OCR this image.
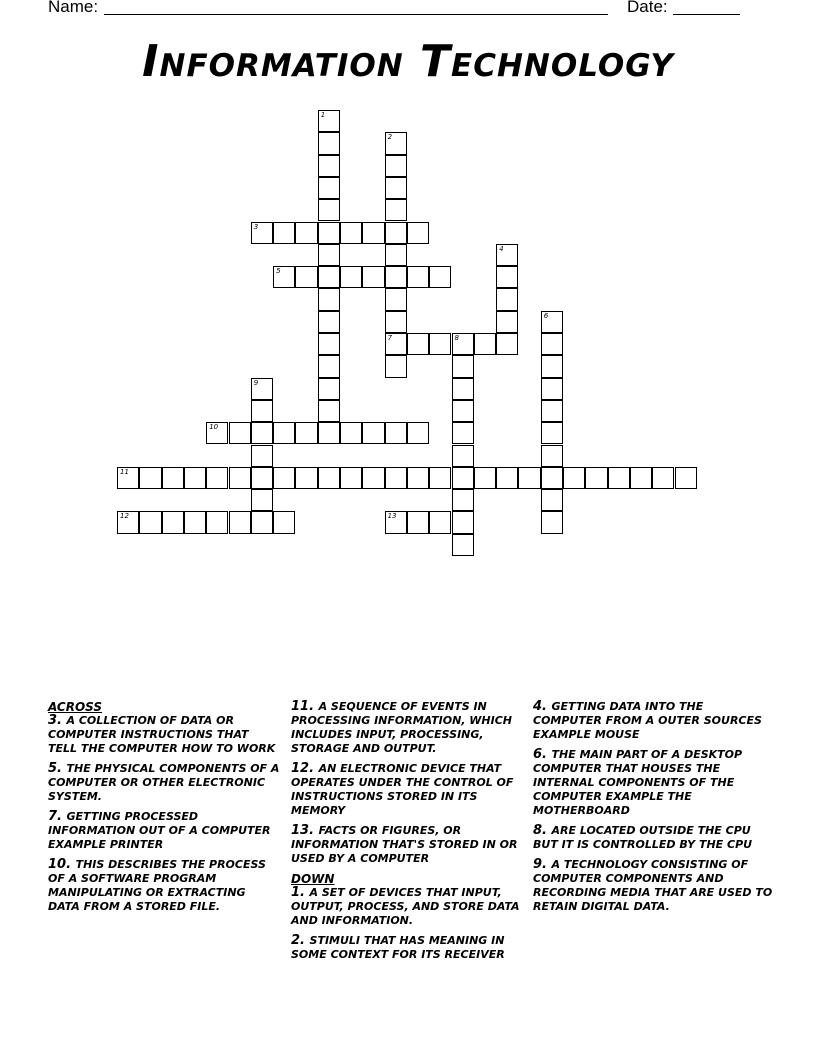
Name:	Date:
Information Technology
1
2
7
3
4
5
6
8
9
10
11
12	13
ACROSS
3. A COLLECTION OF DATA OR COMPUTER INSTRUCTIONS THAT TELL THE COMPUTER HOW TO WORK
5. THE PHYSICAL COMPONENTS OF A COMPUTER OR OTHER ELECTRONIC SYSTEM.
7. GETTING PROCESSED INFORMATION OUT OF A COMPUTER EXAMPLE PRINTER
10. THIS DESCRIBES THE PROCESS OF A SOFTWARE PROGRAM MANIPULATING OR EXTRACTING DATA FROM A STORED FILE.
11. A SEQUENCE OF EVENTS IN PROCESSING INFORMATION, WHICH INCLUDES INPUT, PROCESSING, STORAGE AND OUTPUT.
12. AN ELECTRONIC DEVICE THAT OPERATES UNDER THE CONTROL OF INSTRUCTIONS STORED IN ITS MEMORY
13. FACTS OR FIGURES, OR INFORMATION THAT'S STORED IN OR USED BY A COMPUTER
DOWN
1. A SET OF DEVICES THAT INPUT, OUTPUT, PROCESS, AND STORE DATA AND INFORMATION.
2. STIMULI THAT HAS MEANING IN SOME CONTEXT FOR ITS RECEIVER
4. GETTING DATA INTO THE COMPUTER FROM A OUTER SOURCES EXAMPLE MOUSE
6. THE MAIN PART OF A DESKTOP COMPUTER THAT HOUSES THE INTERNAL COMPONENTS OF THE COMPUTER EXAMPLE THE MOTHERBOARD
8. ARE LOCATED OUTSIDE THE CPU BUT IT IS CONTROLLED BY THE CPU
9. A TECHNOLOGY CONSISTING OF COMPUTER COMPONENTS AND RECORDING MEDIA THAT ARE USED TO RETAIN DIGITAL DATA.
